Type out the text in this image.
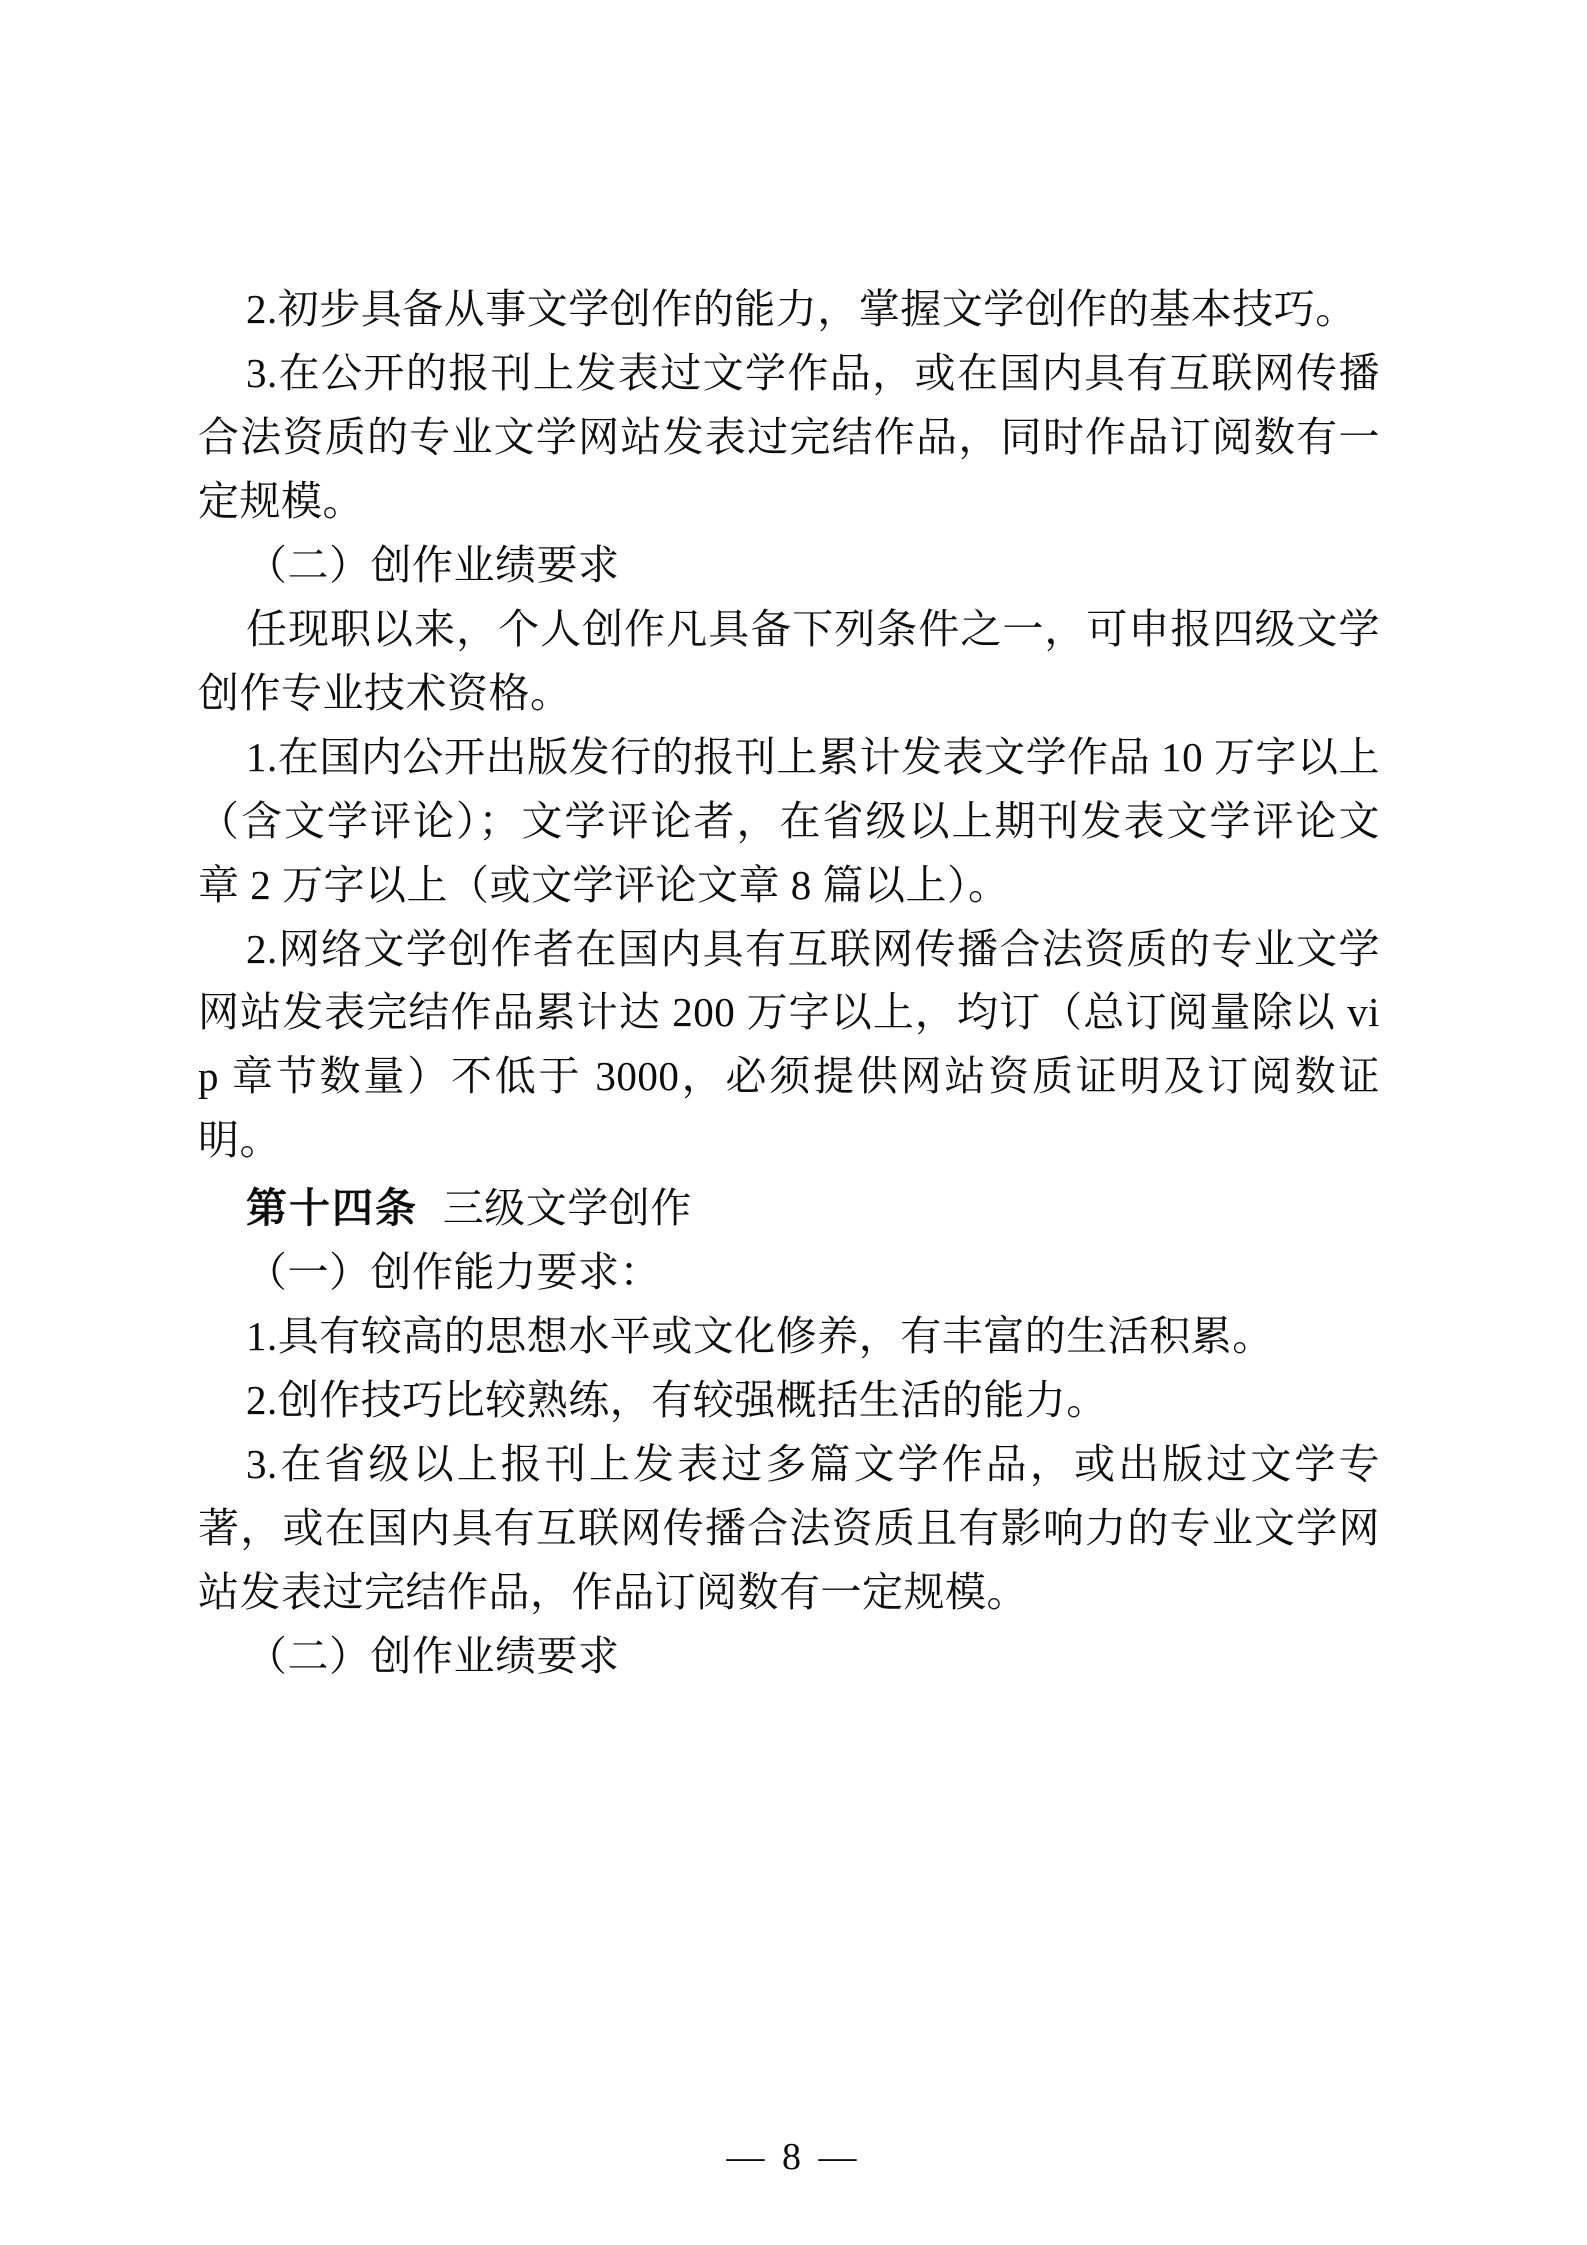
2.初步具备从事文学创作的能力，掌握文学创作的基本技巧。

3.在公开的报刊上发表过文学作品，或在国内具有互联网传播合法资质的专业文学网站发表过完结作品，同时作品订阅数有一定规模。

（二）创作业绩要求

任现职以来，个人创作凡具备下列条件之一，可申报四级文学创作专业技术资格。

1.在国内公开出版发行的报刊上累计发表文学作品 10 万字以上（含文学评论）；文学评论者，在省级以上期刊发表文学评论文章 2 万字以上（或文学评论文章 8 篇以上）。

2.网络文学创作者在国内具有互联网传播合法资质的专业文学网站发表完结作品累计达 200 万字以上，均订（总订阅量除以 vip 章节数量）不低于 3000，必须提供网站资质证明及订阅数证明。

第十四条 三级文学创作

（一）创作能力要求：

1.具有较高的思想水平或文化修养，有丰富的生活积累。

2.创作技巧比较熟练，有较强概括生活的能力。

3.在省级以上报刊上发表过多篇文学作品，或出版过文学专著，或在国内具有互联网传播合法资质且有影响力的专业文学网站发表过完结作品，作品订阅数有一定规模。

（二）创作业绩要求

— 8 —
